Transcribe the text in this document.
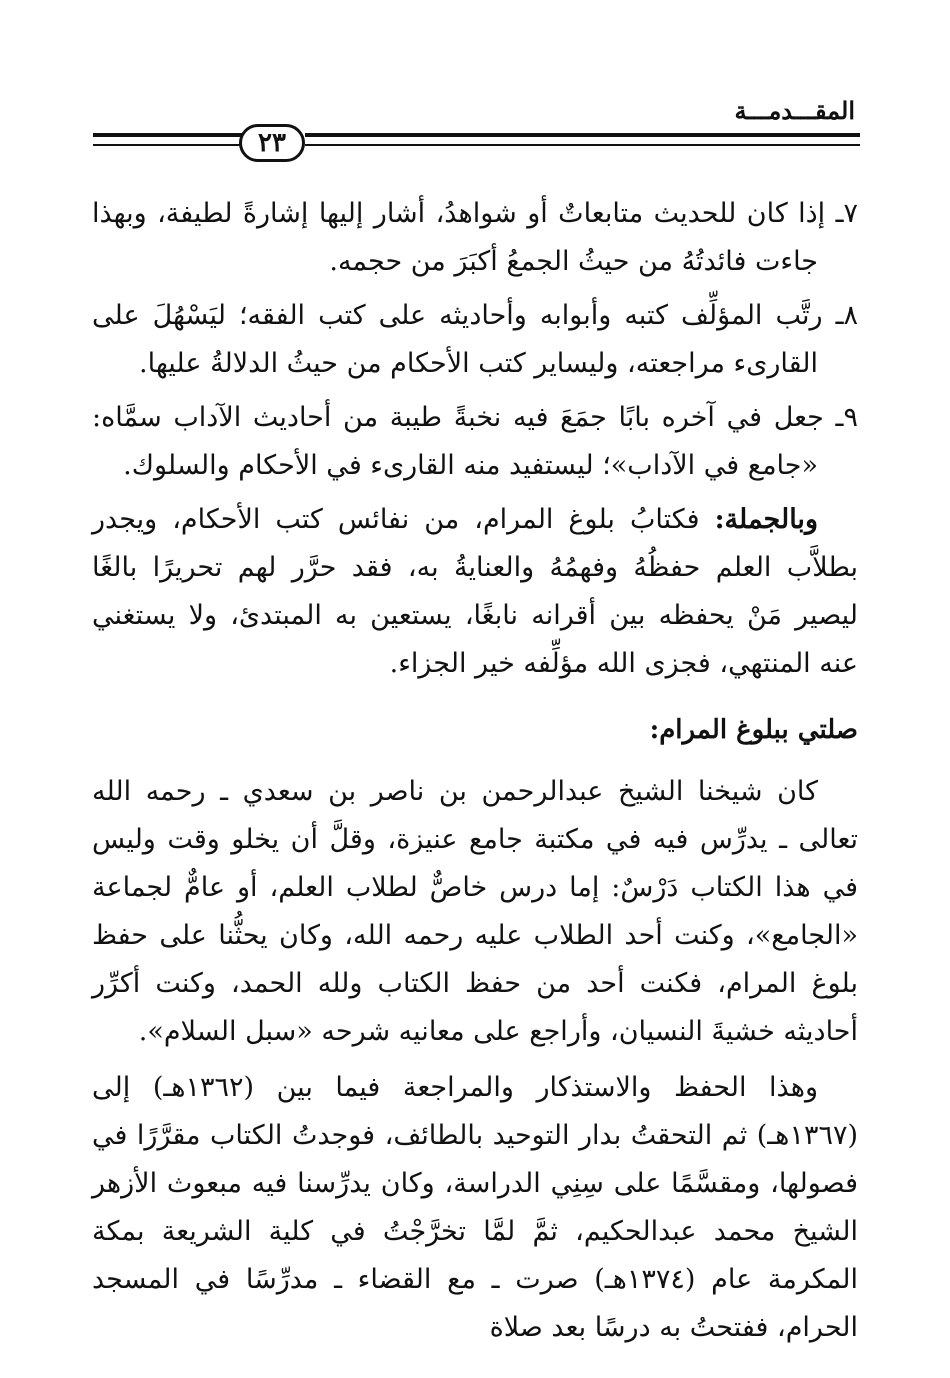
المقـــدمـــة
٢٣

٧ـ إذا كان للحديث متابعاتٌ أو شواهدُ، أشار إليها إشارةً لطيفة، وبهذا جاءت فائدتُهُ من حيثُ الجمعُ أكبَرَ من حجمه.

٨ـ رتَّب المؤلِّف كتبه وأبوابه وأحاديثه على كتب الفقه؛ ليَسْهُلَ على القارىء مراجعته، وليساير كتب الأحكام من حيثُ الدلالةُ عليها.

٩ـ جعل في آخره بابًا جمَعَ فيه نخبةً طيبة من أحاديث الآداب سمَّاه: «جامع في الآداب»؛ ليستفيد منه القارىء في الأحكام والسلوك.

وبالجملة: فكتابُ بلوغ المرام، من نفائس كتب الأحكام، ويجدر بطلاَّب العلم حفظُهُ وفهمُهُ والعنايةُ به، فقد حرَّر لهم تحريرًا بالغًا ليصير مَنْ يحفظه بين أقرانه نابغًا، يستعين به المبتدئ، ولا يستغني عنه المنتهي، فجزى الله مؤلِّفه خير الجزاء.

صلتي ببلوغ المرام:

كان شيخنا الشيخ عبدالرحمن بن ناصر بن سعدي ـ رحمه الله تعالى ـ يدرِّس فيه في مكتبة جامع عنيزة، وقلَّ أن يخلو وقت وليس في هذا الكتاب دَرْسٌ: إما درس خاصٌّ لطلاب العلم، أو عامٌّ لجماعة «الجامع»، وكنت أحد الطلاب عليه رحمه الله، وكان يحثُّنا على حفظ بلوغ المرام، فكنت أحد من حفظ الكتاب ولله الحمد، وكنت أكرِّر أحاديثه خشيةَ النسيان، وأراجع على معانيه شرحه «سبل السلام».

وهذا الحفظ والاستذكار والمراجعة فيما بين (١٣٦٢هـ) إلى (١٣٦٧هـ) ثم التحقتُ بدار التوحيد بالطائف، فوجدتُ الكتاب مقرَّرًا في فصولها، ومقسَّمًا على سِنِي الدراسة، وكان يدرِّسنا فيه مبعوث الأزهر الشيخ محمد عبدالحكيم، ثمَّ لمَّا تخرَّجْتُ في كلية الشريعة بمكة المكرمة عام (١٣٧٤هـ) صرت ـ مع القضاء ـ مدرِّسًا في المسجد الحرام، ففتحتُ به درسًا بعد صلاة
